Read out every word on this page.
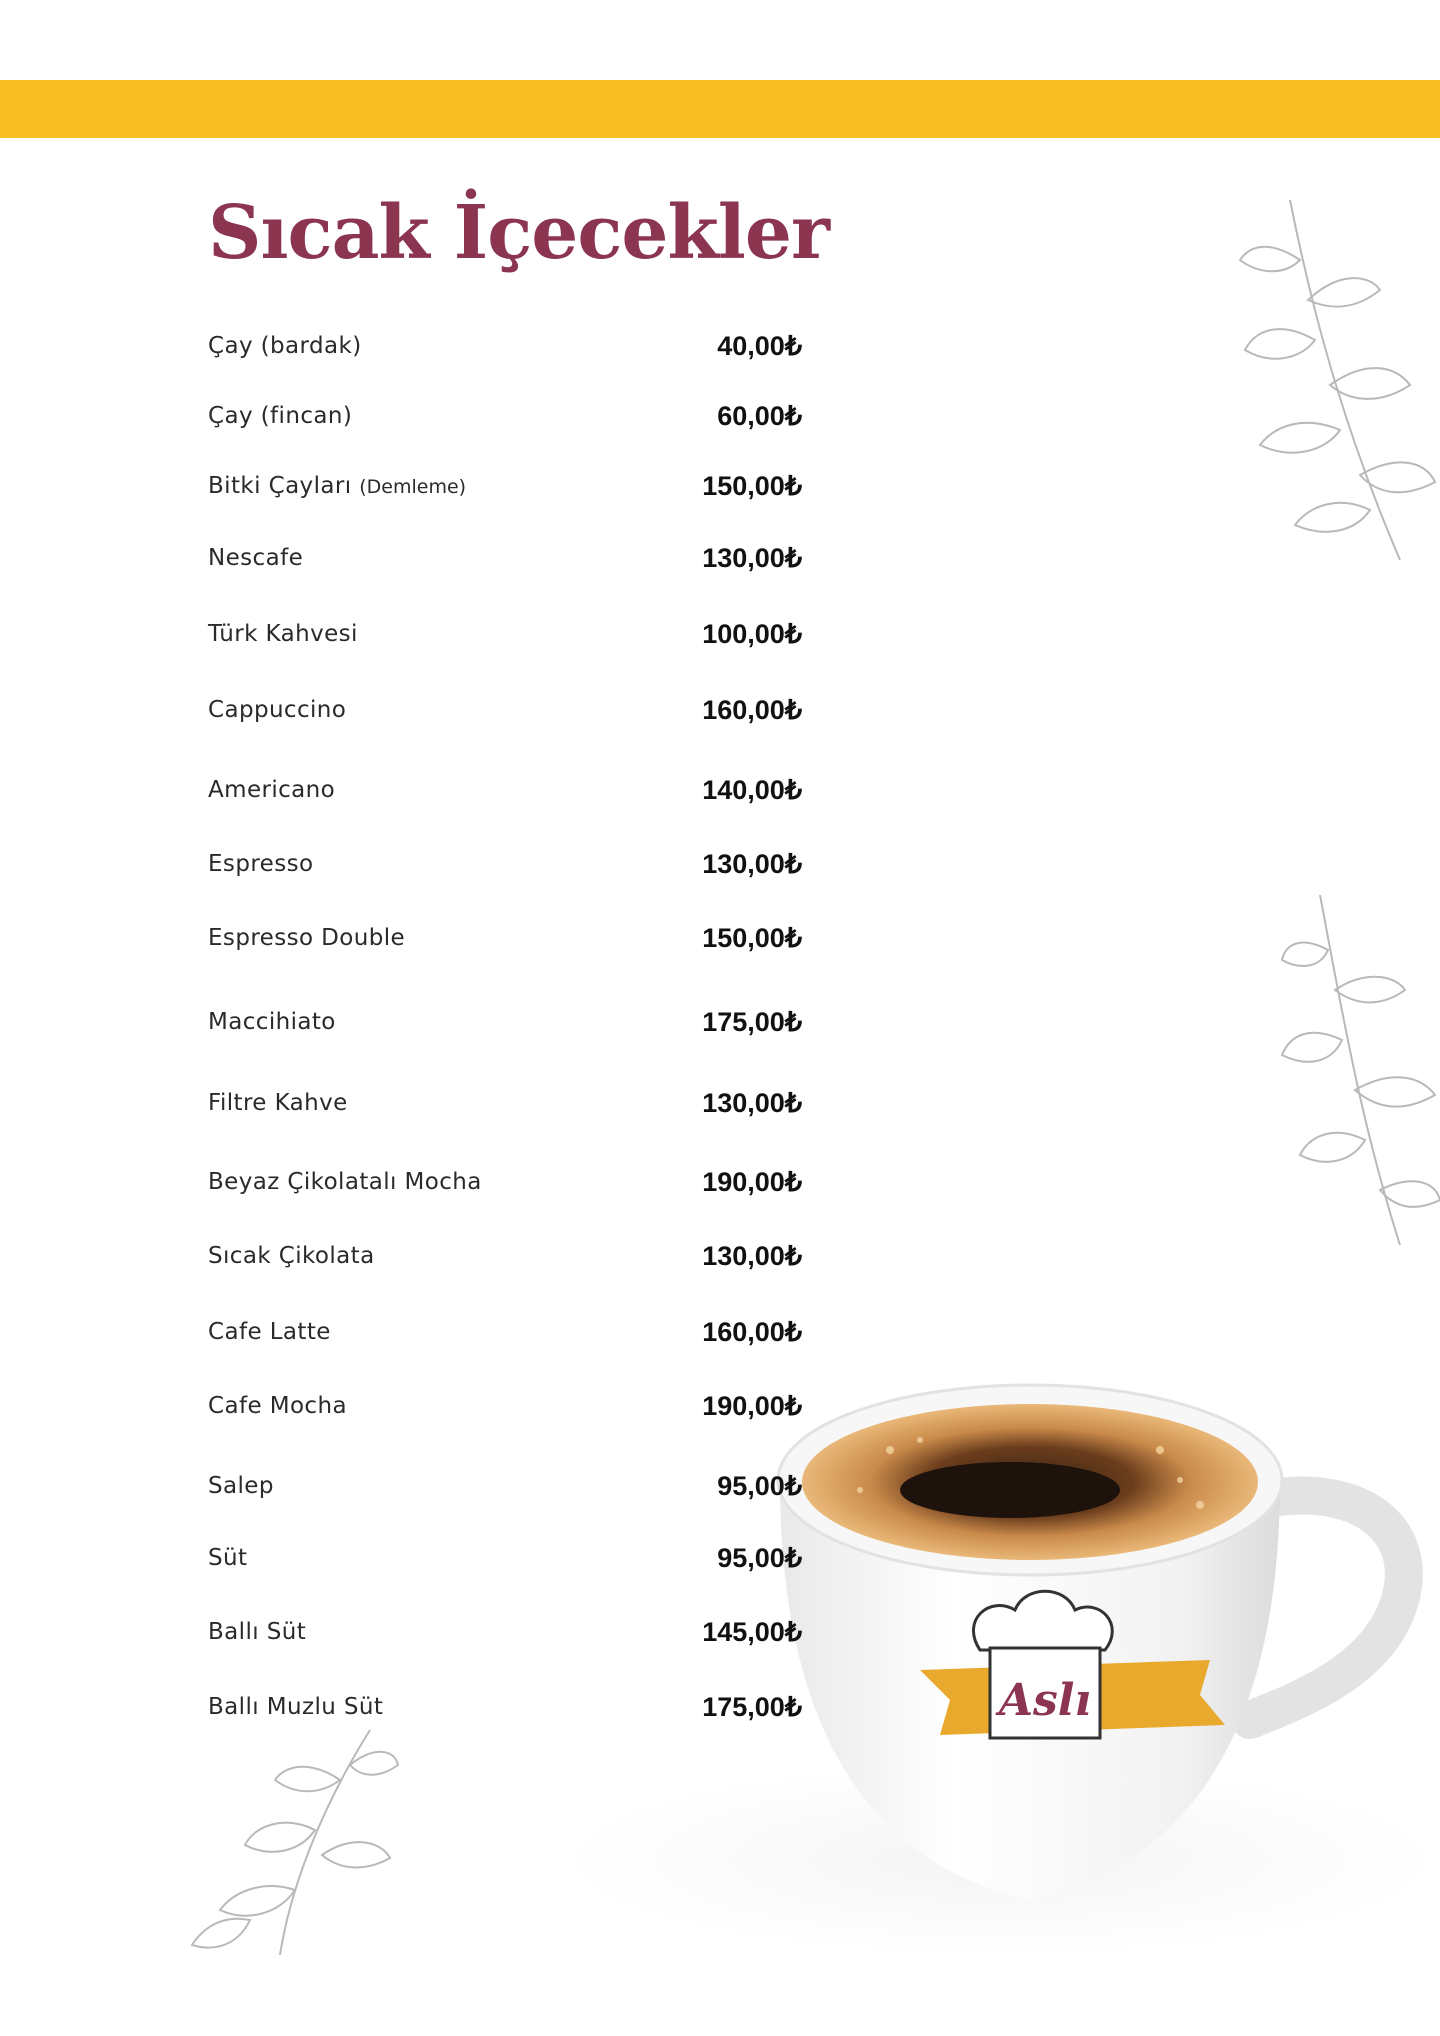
Sıcak İçecekler
Aslı
Çay (bardak)	40,00₺
Çay (fincan)	60,00₺
Bitki Çayları (Demleme)	150,00₺
Nescafe	130,00₺
Türk Kahvesi	100,00₺
Cappuccino	160,00₺
Americano	140,00₺
Espresso	130,00₺
Espresso Double	150,00₺
Maccihiato	175,00₺
Filtre Kahve	130,00₺
Beyaz Çikolatalı Mocha	190,00₺
Sıcak Çikolata	130,00₺
Cafe Latte	160,00₺
Cafe Mocha	190,00₺
Salep	95,00₺
Süt	95,00₺
Ballı Süt	145,00₺
Ballı Muzlu Süt	175,00₺
